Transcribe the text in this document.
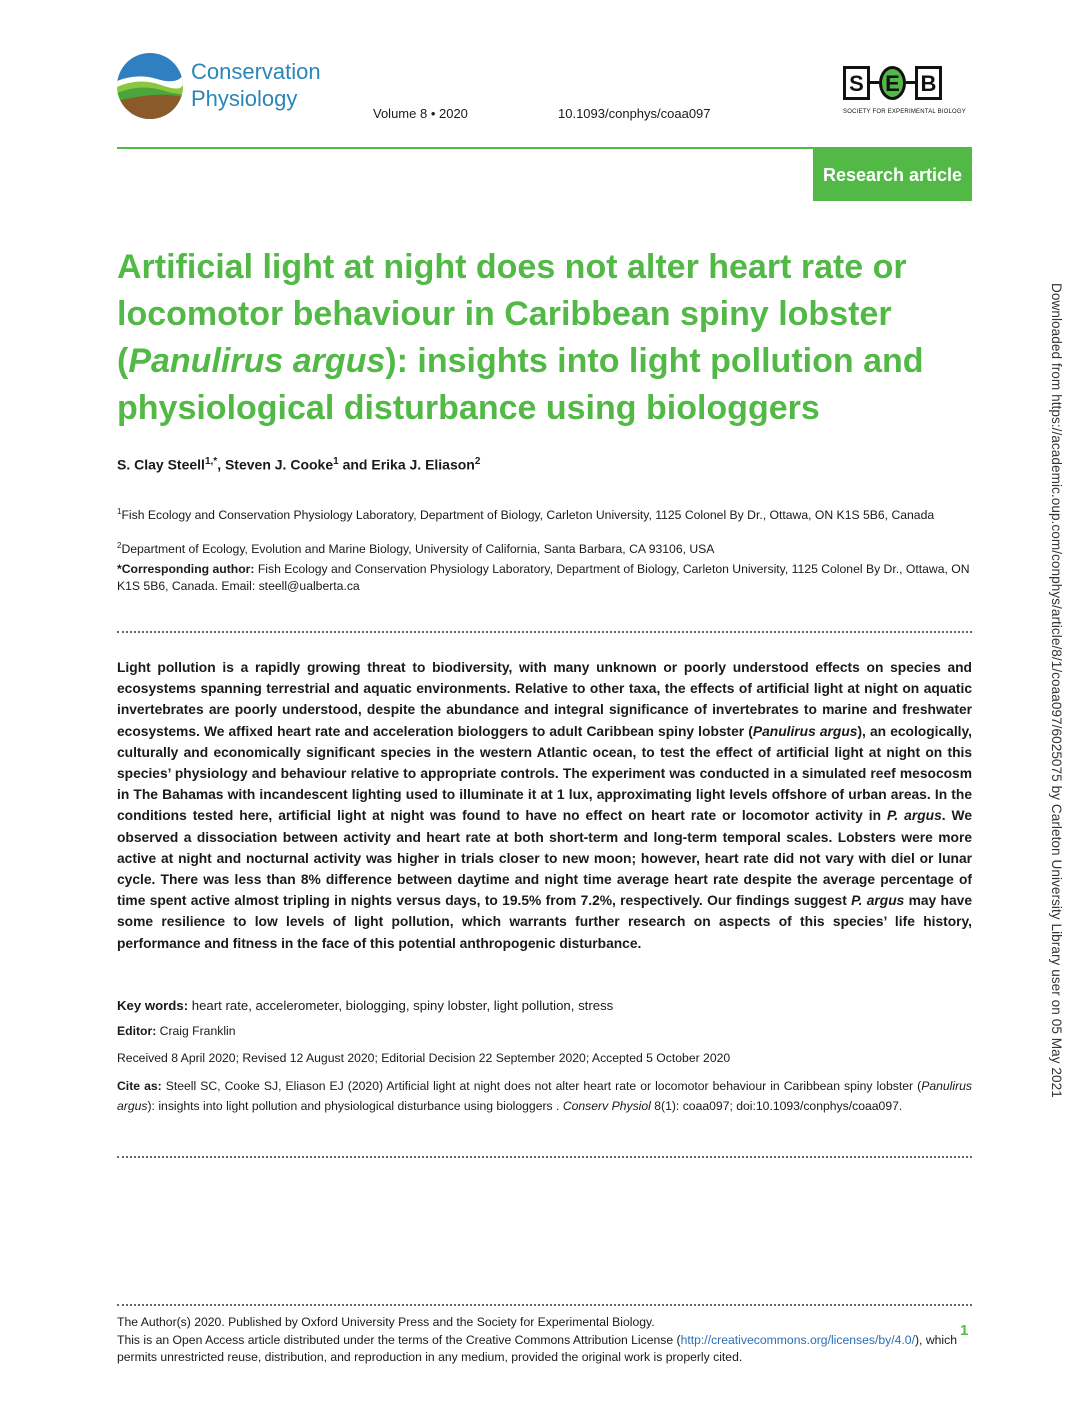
Conservation
Physiology
Volume 8 • 2020	10.1093/conphys/coaa097
S E B
SOCIETY FOR EXPERIMENTAL BIOLOGY
Research article
Artificial light at night does not alter heart rate or locomotor behaviour in Caribbean spiny lobster (Panulirus argus): insights into light pollution and physiological disturbance using biologgers
S. Clay Steell$^{1,*}$, Steven J. Cooke$^1$ and Erika J. Eliason$^2$
$^1$Fish Ecology and Conservation Physiology Laboratory, Department of Biology, Carleton University, 1125 Colonel By Dr., Ottawa, ON K1S 5B6, Canada
$^2$Department of Ecology, Evolution and Marine Biology, University of California, Santa Barbara, CA 93106, USA
*Corresponding author: Fish Ecology and Conservation Physiology Laboratory, Department of Biology, Carleton University, 1125 Colonel By Dr., Ottawa, ON K1S 5B6, Canada. Email: steell@ualberta.ca
Light pollution is a rapidly growing threat to biodiversity, with many unknown or poorly understood effects on species and ecosystems spanning terrestrial and aquatic environments. Relative to other taxa, the effects of artificial light at night on aquatic invertebrates are poorly understood, despite the abundance and integral significance of invertebrates to marine and freshwater ecosystems. We affixed heart rate and acceleration biologgers to adult Caribbean spiny lobster (Panulirus argus), an ecologically, culturally and economically significant species in the western Atlantic ocean, to test the effect of artificial light at night on this species’ physiology and behaviour relative to appropriate controls. The experiment was conducted in a simulated reef mesocosm in The Bahamas with incandescent lighting used to illuminate it at 1 lux, approximating light levels offshore of urban areas. In the conditions tested here, artificial light at night was found to have no effect on heart rate or locomotor activity in P. argus. We observed a dissociation between activity and heart rate at both short-term and long-term temporal scales. Lobsters were more active at night and nocturnal activity was higher in trials closer to new moon; however, heart rate did not vary with diel or lunar cycle. There was less than 8% difference between daytime and night time average heart rate despite the average percentage of time spent active almost tripling in nights versus days, to 19.5% from 7.2%, respectively. Our findings suggest P. argus may have some resilience to low levels of light pollution, which warrants further research on aspects of this species’ life history, performance and fitness in the face of this potential anthropogenic disturbance.
Key words: heart rate, accelerometer, biologging, spiny lobster, light pollution, stress
Editor: Craig Franklin
Received 8 April 2020; Revised 12 August 2020; Editorial Decision 22 September 2020; Accepted 5 October 2020
Cite as: Steell SC, Cooke SJ, Eliason EJ (2020) Artificial light at night does not alter heart rate or locomotor behaviour in Caribbean spiny lobster (Panulirus argus): insights into light pollution and physiological disturbance using biologgers . Conserv Physiol 8(1): coaa097; doi:10.1093/conphys/coaa097.
The Author(s) 2020. Published by Oxford University Press and the Society for Experimental Biology.
This is an Open Access article distributed under the terms of the Creative Commons Attribution License (http://creativecommons.org/licenses/by/4.0/), which permits unrestricted reuse, distribution, and reproduction in any medium, provided the original work is properly cited.
1
Downloaded from https://academic.oup.com/conphys/article/8/1/coaa097/6025075 by Carleton University Library user on 05 May 2021
